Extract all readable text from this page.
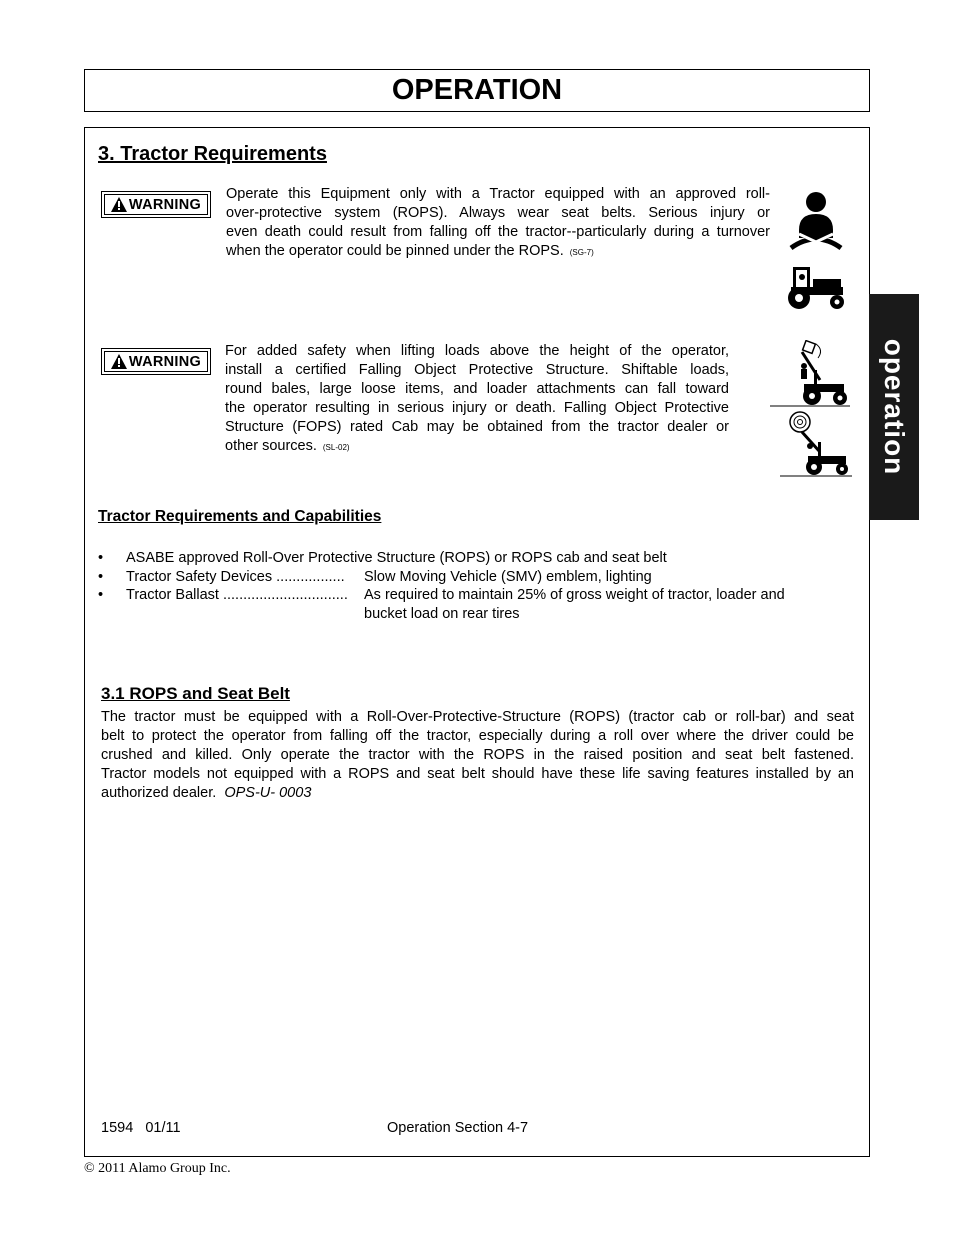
OPERATION
3. Tractor Requirements
WARNING
Operate this Equipment only with a Tractor equipped with an approved roll-
over-protective system (ROPS). Always wear seat belts. Serious injury or
even death could result from falling off the tractor--particularly during a turnover
when the operator could be pinned under the ROPS. (SG-7)
WARNING
For added safety when lifting loads above the height of the operator,
install a certified Falling Object Protective Structure. Shiftable loads,
round bales, large loose items, and loader attachments can fall toward
the operator resulting in serious injury or death. Falling Object Protective
Structure (FOPS) rated Cab may be obtained from the tractor dealer or
other sources. (SL-02)
Tractor Requirements and Capabilities
• ASABE approved Roll-Over Protective Structure (ROPS) or ROPS cab and seat belt
• Tractor Safety Devices ................. Slow Moving Vehicle (SMV) emblem, lighting
• Tractor Ballast ............................... As required to maintain 25% of gross weight of tractor, loader and
bucket load on rear tires
3.1 ROPS and Seat Belt
The tractor must be equipped with a Roll-Over-Protective-Structure (ROPS) (tractor cab or roll-bar) and seat
belt to protect the operator from falling off the tractor, especially during a roll over where the driver could be
crushed and killed. Only operate the tractor with the ROPS in the raised position and seat belt fastened.
Tractor models not equipped with a ROPS and seat belt should have these life saving features installed by an
authorized dealer. OPS-U- 0003
operation
1594   01/11	Operation Section 4-7
© 2011 Alamo Group Inc.
